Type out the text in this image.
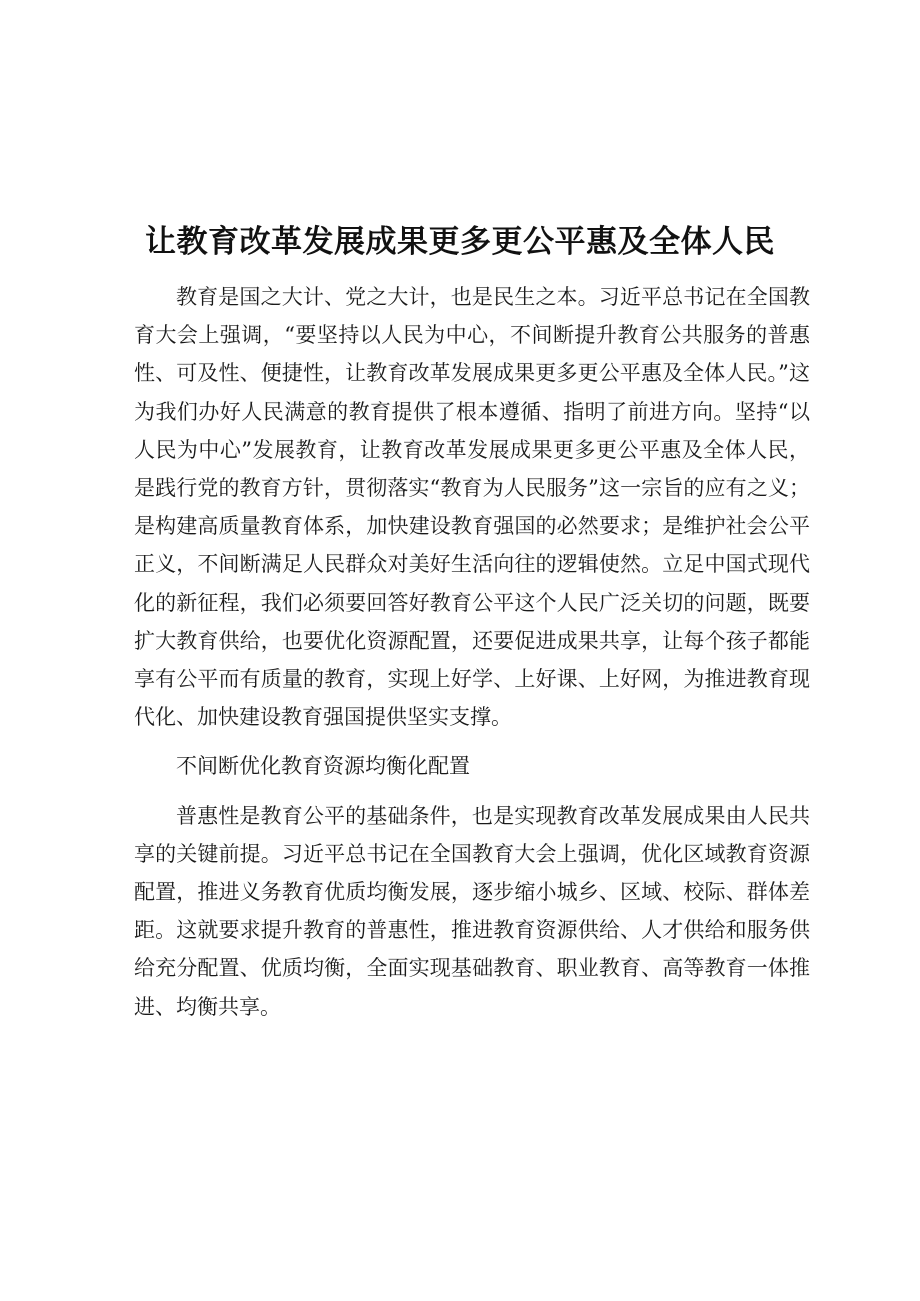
让教育改革发展成果更多更公平惠及全体人民

教育是国之大计、党之大计，也是民生之本。习近平总书记在全国教育大会上强调，“要坚持以人民为中心，不间断提升教育公共服务的普惠性、可及性、便捷性，让教育改革发展成果更多更公平惠及全体人民。”这为我们办好人民满意的教育提供了根本遵循、指明了前进方向。坚持“以人民为中心”发展教育，让教育改革发展成果更多更公平惠及全体人民，是践行党的教育方针，贯彻落实“教育为人民服务”这一宗旨的应有之义；是构建高质量教育体系，加快建设教育强国的必然要求；是维护社会公平正义，不间断满足人民群众对美好生活向往的逻辑使然。立足中国式现代化的新征程，我们必须要回答好教育公平这个人民广泛关切的问题，既要扩大教育供给，也要优化资源配置，还要促进成果共享，让每个孩子都能享有公平而有质量的教育，实现上好学、上好课、上好网，为推进教育现代化、加快建设教育强国提供坚实支撑。

不间断优化教育资源均衡化配置

普惠性是教育公平的基础条件，也是实现教育改革发展成果由人民共享的关键前提。习近平总书记在全国教育大会上强调，优化区域教育资源配置，推进义务教育优质均衡发展，逐步缩小城乡、区域、校际、群体差距。这就要求提升教育的普惠性，推进教育资源供给、人才供给和服务供给充分配置、优质均衡，全面实现基础教育、职业教育、高等教育一体推进、均衡共享。
